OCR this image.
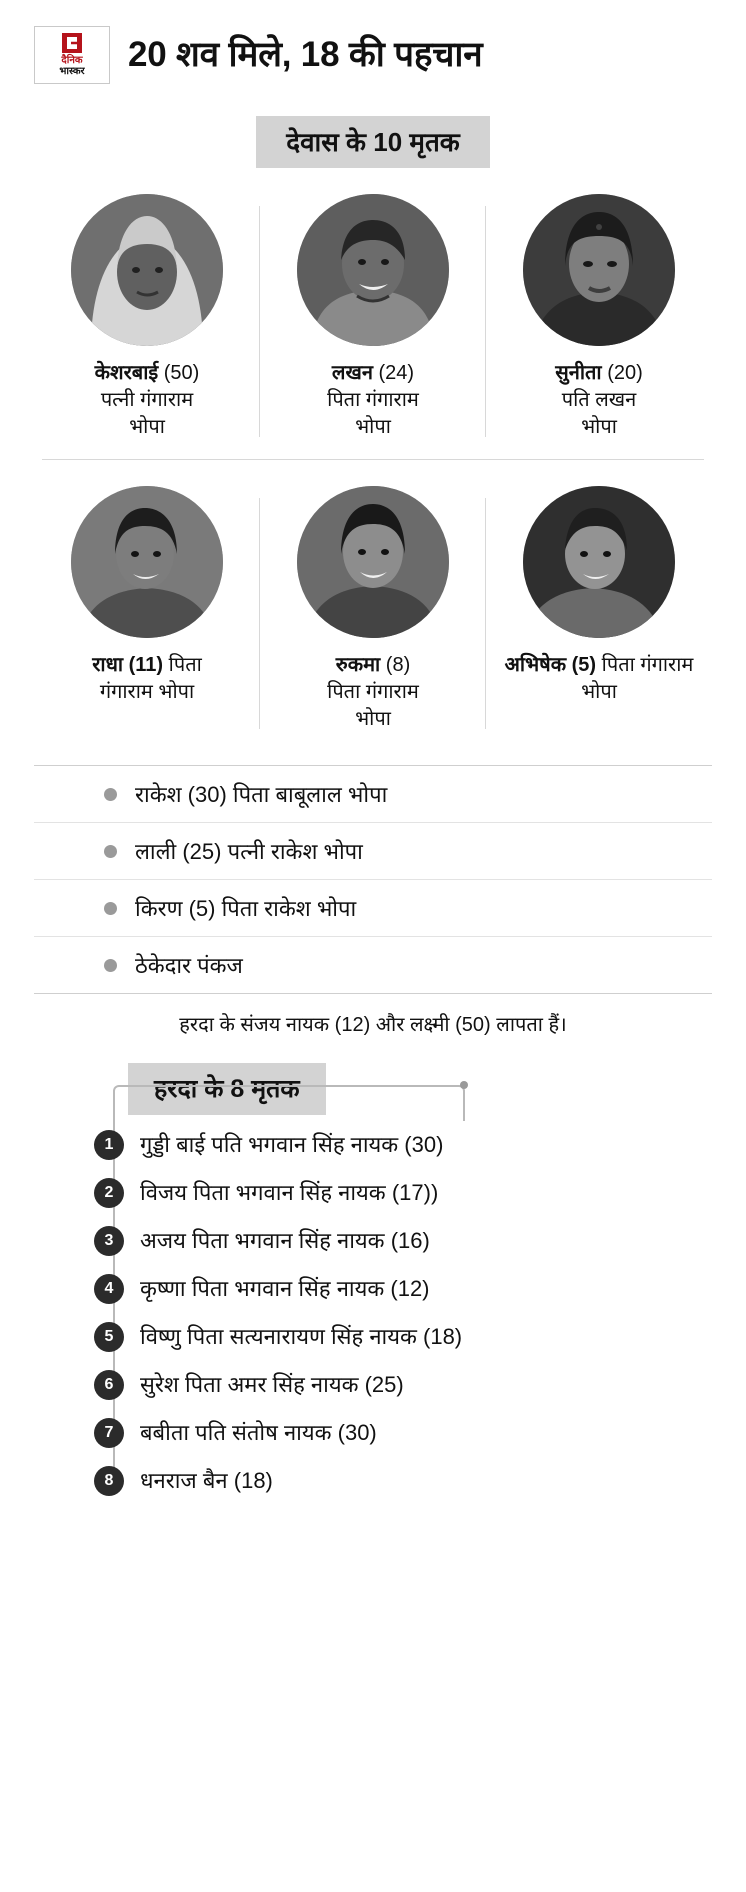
दैनिक
भास्कर 20 शव मिले, 18 की पहचान
देवास के 10 मृतक
केशरबाई (50)
पत्नी गंगाराम
भोपा
लखन (24)
पिता गंगाराम
भोपा
सुनीता (20)
पति लखन
भोपा
राधा (11) पिता
गंगाराम भोपा
रुकमा (8)
पिता गंगाराम
भोपा
अभिषेक (5) पिता गंगाराम
भोपा
राकेश (30) पिता बाबूलाल भोपा
लाली (25) पत्नी राकेश भोपा
किरण (5) पिता राकेश भोपा
ठेकेदार पंकज
हरदा के संजय नायक (12) और लक्ष्मी (50) लापता हैं।
हरदा के 8 मृतक
1	गुड्डी बाई पति भगवान सिंह नायक (30)
2	विजय पिता भगवान सिंह नायक (17))
3	अजय पिता भगवान सिंह नायक (16)
4	कृष्णा पिता भगवान सिंह नायक (12)
5	विष्णु पिता सत्यनारायण सिंह नायक (18)
6	सुरेश पिता अमर सिंह नायक (25)
7	बबीता पति संतोष नायक (30)
8	धनराज बैन (18)
